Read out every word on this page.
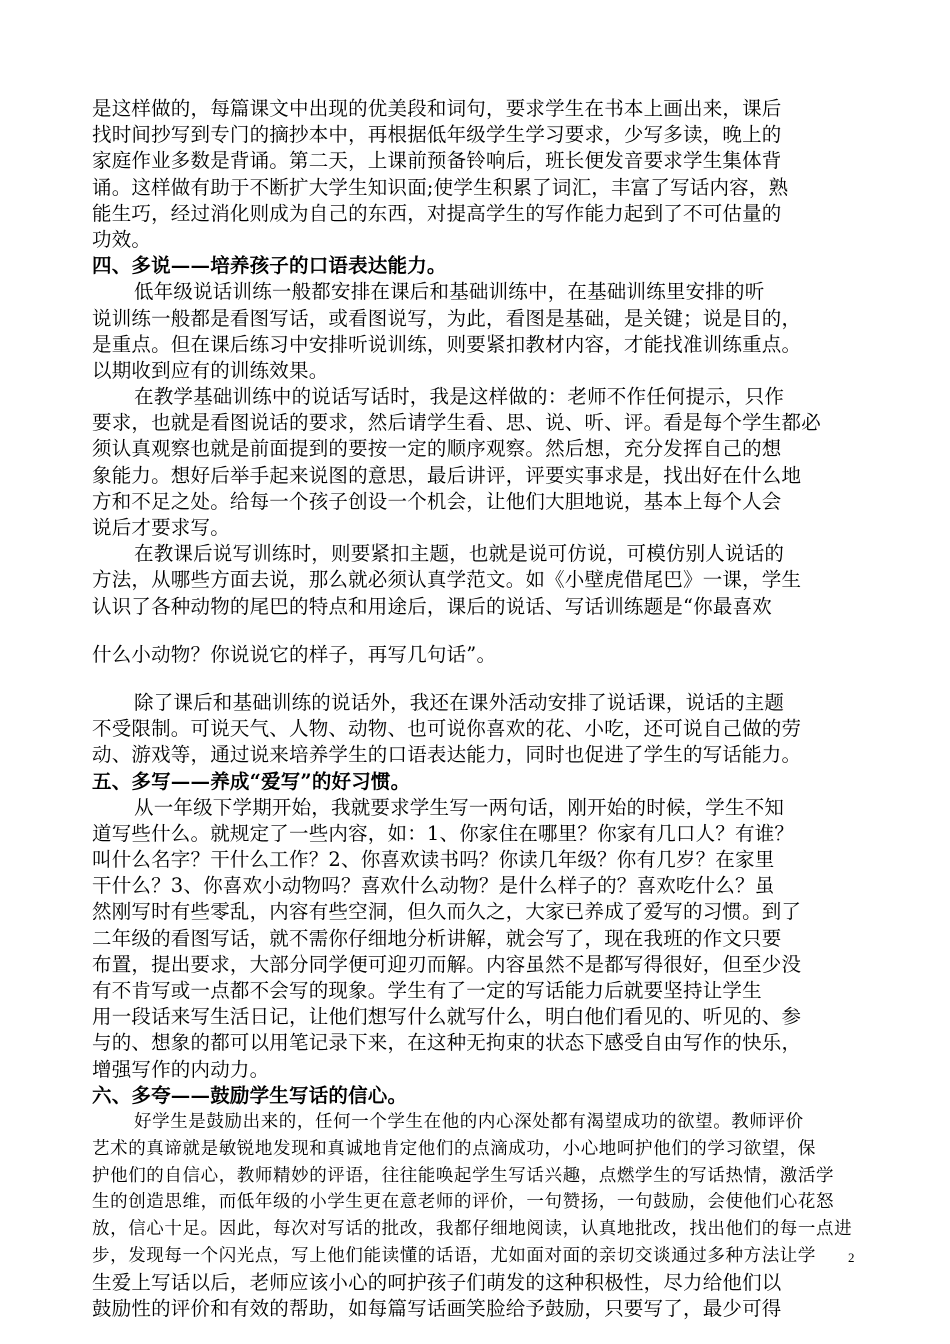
是这样做的，每篇课文中出现的优美段和词句，要求学生在书本上画出来，课后
找时间抄写到专门的摘抄本中，再根据低年级学生学习要求，少写多读，晚上的
家庭作业多数是背诵。第二天，上课前预备铃响后，班长便发音要求学生集体背
诵。这样做有助于不断扩大学生知识面;使学生积累了词汇，丰富了写话内容，熟
能生巧，经过消化则成为自己的东西，对提高学生的写作能力起到了不可估量的
功效。
四、多说——培养孩子的口语表达能力。
低年级说话训练一般都安排在课后和基础训练中，在基础训练里安排的听
说训练一般都是看图写话，或看图说写，为此，看图是基础，是关键；说是目的，
是重点。但在课后练习中安排听说训练，则要紧扣教材内容，才能找准训练重点。
以期收到应有的训练效果。
在教学基础训练中的说话写话时，我是这样做的：老师不作任何提示，只作
要求，也就是看图说话的要求，然后请学生看、思、说、听、评。看是每个学生都必
须认真观察也就是前面提到的要按一定的顺序观察。然后想，充分发挥自己的想
象能力。想好后举手起来说图的意思，最后讲评，评要实事求是，找出好在什么地
方和不足之处。给每一个孩子创设一个机会，让他们大胆地说，基本上每个人会
说后才要求写。
在教课后说写训练时，则要紧扣主题，也就是说可仿说，可模仿别人说话的
方法，从哪些方面去说，那么就必须认真学范文。如《小壁虎借尾巴》一课，学生
认识了各种动物的尾巴的特点和用途后，课后的说话、写话训练题是“你最喜欢
什么小动物？你说说它的样子，再写几句话”。
除了课后和基础训练的说话外，我还在课外活动安排了说话课，说话的主题
不受限制。可说天气、人物、动物、也可说你喜欢的花、小吃，还可说自己做的劳
动、游戏等，通过说来培养学生的口语表达能力，同时也促进了学生的写话能力。
五、多写——养成“爱写”的好习惯。
从一年级下学期开始，我就要求学生写一两句话，刚开始的时候，学生不知
道写些什么。就规定了一些内容，如：1、你家住在哪里？你家有几口人？有谁？
叫什么名字？干什么工作？2、你喜欢读书吗？你读几年级？你有几岁？在家里
干什么？3、你喜欢小动物吗？喜欢什么动物？是什么样子的？喜欢吃什么？虽
然刚写时有些零乱，内容有些空洞，但久而久之，大家已养成了爱写的习惯。到了
二年级的看图写话，就不需你仔细地分析讲解，就会写了，现在我班的作文只要
布置，提出要求，大部分同学便可迎刃而解。内容虽然不是都写得很好，但至少没
有不肯写或一点都不会写的现象。学生有了一定的写话能力后就要坚持让学生
用一段话来写生活日记，让他们想写什么就写什么，明白他们看见的、听见的、参
与的、想象的都可以用笔记录下来，在这种无拘束的状态下感受自由写作的快乐，
增强写作的内动力。
六、多夸——鼓励学生写话的信心。
好学生是鼓励出来的，任何一个学生在他的内心深处都有渴望成功的欲望。教师评价
艺术的真谛就是敏锐地发现和真诚地肯定他们的点滴成功，小心地呵护他们的学习欲望，保
护他们的自信心，教师精妙的评语，往往能唤起学生写话兴趣，点燃学生的写话热情，激活学
生的创造思维，而低年级的小学生更在意老师的评价，一句赞扬，一句鼓励，会使他们心花怒
放，信心十足。因此，每次对写话的批改，我都仔细地阅读，认真地批改，找出他们的每一点进
步，发现每一个闪光点，写上他们能读懂的话语，尤如面对面的亲切交谈通过多种方法让学
生爱上写话以后，老师应该小心的呵护孩子们萌发的这种积极性，尽力给他们以
鼓励性的评价和有效的帮助，如每篇写话画笑脸给予鼓励，只要写了，最少可得
2
